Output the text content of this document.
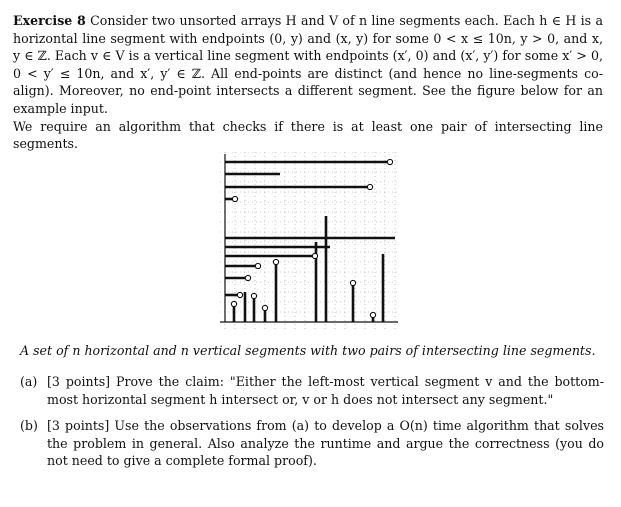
Exercise 8 Consider two unsorted arrays H and V of n line segments each. Each h ∈ H is a horizontal line segment with endpoints (0, y) and (x, y) for some 0 < x ≤ 10n, y > 0, and x, y ∈ ℤ. Each v ∈ V is a vertical line segment with endpoints (x′, 0) and (x′, y′) for some x′ > 0, 0 < y′ ≤ 10n, and x′, y′ ∈ ℤ. All end-points are distinct (and hence no line-segments co-align). Moreover, no end-point intersects a different segment. See the figure below for an example input.

We require an algorithm that checks if there is at least one pair of intersecting line segments.

A set of n horizontal and n vertical segments with two pairs of intersecting line segments.
(a) [3 points] Prove the claim: "Either the left-most vertical segment v and the bottom-most horizontal segment h intersect or, v or h does not intersect any segment."
(b) [3 points] Use the observations from (a) to develop a O(n) time algorithm that solves the problem in general. Also analyze the runtime and argue the correctness (you do not need to give a complete formal proof).
